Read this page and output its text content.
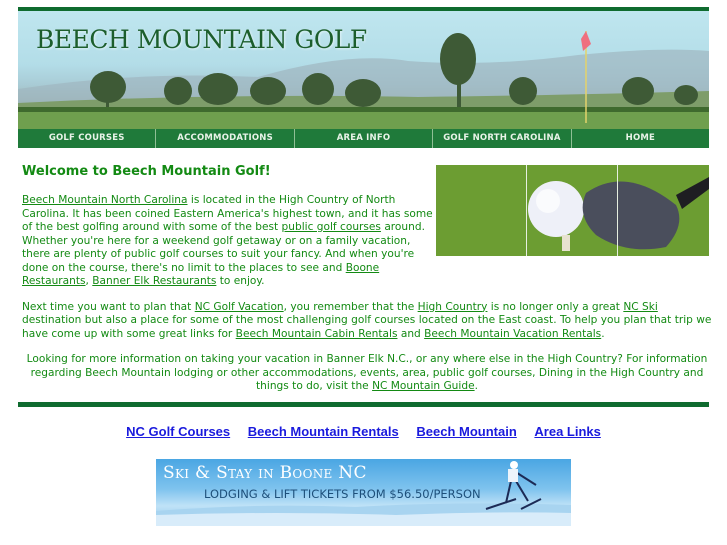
BEECH MOUNTAIN GOLF
GOLF COURSES	ACCOMMODATIONS	AREA INFO	GOLF NORTH CAROLINA	HOME
Welcome to Beech Mountain Golf!

Beech Mountain North Carolina is located in the High Country of North Carolina. It has been coined Eastern America's highest town, and it has some of the best golfing around with some of the best public golf courses around. Whether you're here for a weekend golf getaway or on a family vacation, there are plenty of public golf courses to suit your fancy. And when you're done on the course, there's no limit to the places to see and Boone Restaurants, Banner Elk Restaurants to enjoy.

Next time you want to plan that NC Golf Vacation, you remember that the High Country is no longer only a great NC Ski destination but also a place for some of the most challenging golf courses located on the East coast. To help you plan that trip we have come up with some great links for Beech Mountain Cabin Rentals and Beech Mountain Vacation Rentals.

Looking for more information on taking your vacation in Banner Elk N.C., or any where else in the High Country? For information regarding Beech Mountain lodging or other accommodations, events, area, public golf courses, Dining in the High Country and things to do, visit the NC Mountain Guide.

NC Golf Courses Beech Mountain Rentals Beech Mountain Area Links
Ski & Stay in Boone NC
LODGING & LIFT TICKETS FROM $56.50/PERSON
